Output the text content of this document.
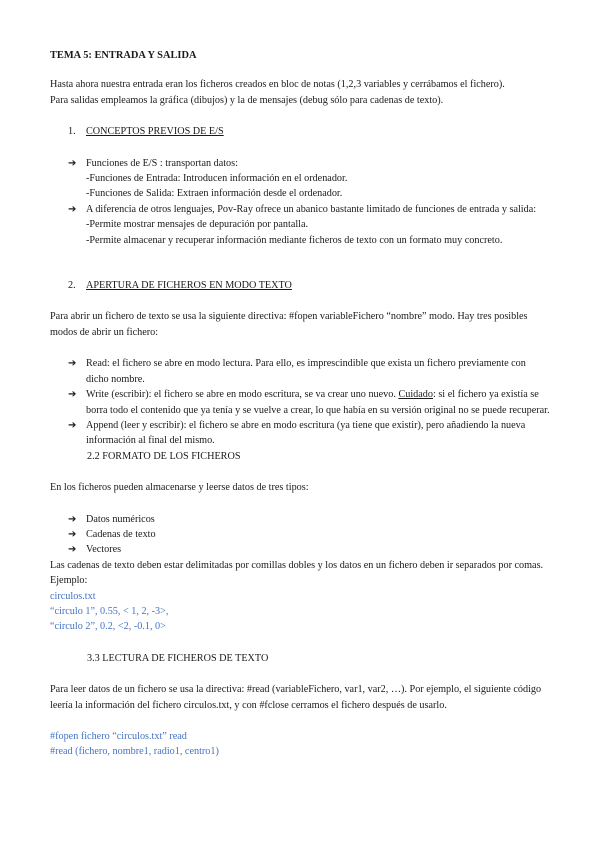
TEMA 5: ENTRADA Y SALIDA

Hasta ahora nuestra entrada eran los ficheros creados en bloc de notas (1,2,3 variables y cerrábamos el fichero).

Para salidas empleamos la gráfica (dibujos) y la de mensajes (debug sólo para cadenas de texto).

1.	CONCEPTOS PREVIOS DE E/S
➔ Funciones de E/S : transportan datos:

-Funciones de Entrada: Introducen información en el ordenador.

-Funciones de Salida: Extraen información desde el ordenador.

➔ A diferencia de otros lenguajes, Pov-Ray ofrece un abanico bastante limitado de funciones de entrada y salida:

-Permite mostrar mensajes de depuración por pantalla.

-Permite almacenar y recuperar información mediante ficheros de texto con un formato muy concreto.

2.	APERTURA DE FICHEROS EN MODO TEXTO

Para abrir un fichero de texto se usa la siguiente directiva: #fopen variableFichero “nombre” modo. Hay tres posibles modos de abrir un fichero:

➔ Read: el fichero se abre en modo lectura. Para ello, es imprescindible que exista un fichero previamente con dicho nombre.
➔ Write (escribir): el fichero se abre en modo escritura, se va crear uno nuevo. Cuidado: si el fichero ya existía se borra todo el contenido que ya tenía y se vuelve a crear, lo que había en su versión original no se puede recuperar.
➔ Append (leer y escribir): el fichero se abre en modo escritura (ya tiene que existir), pero añadiendo la nueva información al final del mismo.

2.2 FORMATO DE LOS FICHEROS

En los ficheros pueden almacenarse y leerse datos de tres tipos:

➔ Datos numéricos
➔ Cadenas de texto
➔ Vectores

Las cadenas de texto deben estar delimitadas por comillas dobles y los datos en un fichero deben ir separados por comas. Ejemplo:

circulos.txt

“circulo 1”, 0.55, < 1, 2, -3>,

“circulo 2”, 0.2, <2, -0.1, 0>

3.3 LECTURA DE FICHEROS DE TEXTO

Para leer datos de un fichero se usa la directiva: #read (variableFichero, var1, var2, …). Por ejemplo, el siguiente código leería la información del fichero circulos.txt, y con #fclose cerramos el fichero después de usarlo.

#fopen fichero “circulos.txt” read

#read (fichero, nombre1, radio1, centro1)
